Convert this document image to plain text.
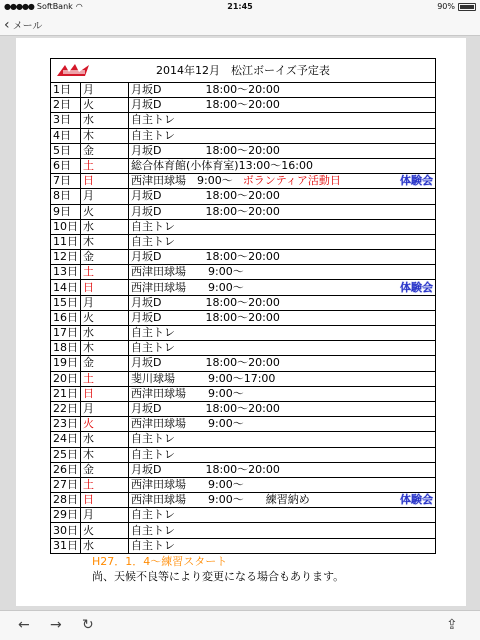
●●●●● SoftBank ◠	21:45	90%
‹ メール
2014年12月　松江ボーイズ予定表		
1日	月	月坂D　　　　18:00～20:00
2日	火	月坂D　　　　18:00～20:00
3日	水	自主トレ
4日	木	自主トレ
5日	金	月坂D　　　　18:00～20:00
6日	土	総合体育館(小体育室)13:00～16:00
7日	日	西津田球場　9:00～ ボランティア活動日 体験会

8日	月	月坂D　　　　18:00～20:00
9日	火	月坂D　　　　18:00～20:00
10日	水	自主トレ
11日	木	自主トレ
12日	金	月坂D　　　　18:00～20:00
13日	土	西津田球場　　9:00～
14日	日	西津田球場　　9:00～ 体験会

15日	月	月坂D　　　　18:00～20:00
16日	火	月坂D　　　　18:00～20:00
17日	水	自主トレ
18日	木	自主トレ
19日	金	月坂D　　　　18:00～20:00
20日	土	斐川球場　　　9:00～17:00
21日	日	西津田球場　　9:00～
22日	月	月坂D　　　　18:00～20:00
23日	火	西津田球場　　9:00～
24日	水	自主トレ
25日	木	自主トレ
26日	金	月坂D　　　　18:00～20:00
27日	土	西津田球場　　9:00～
28日	日	西津田球場　　9:00～　　練習納め 体験会

29日	月	自主トレ
30日	火	自主トレ
31日	水	自主トレ
H27．1．4～練習スタート
尚、天候不良等により変更になる場合もあります。
← → ↻	⇪
